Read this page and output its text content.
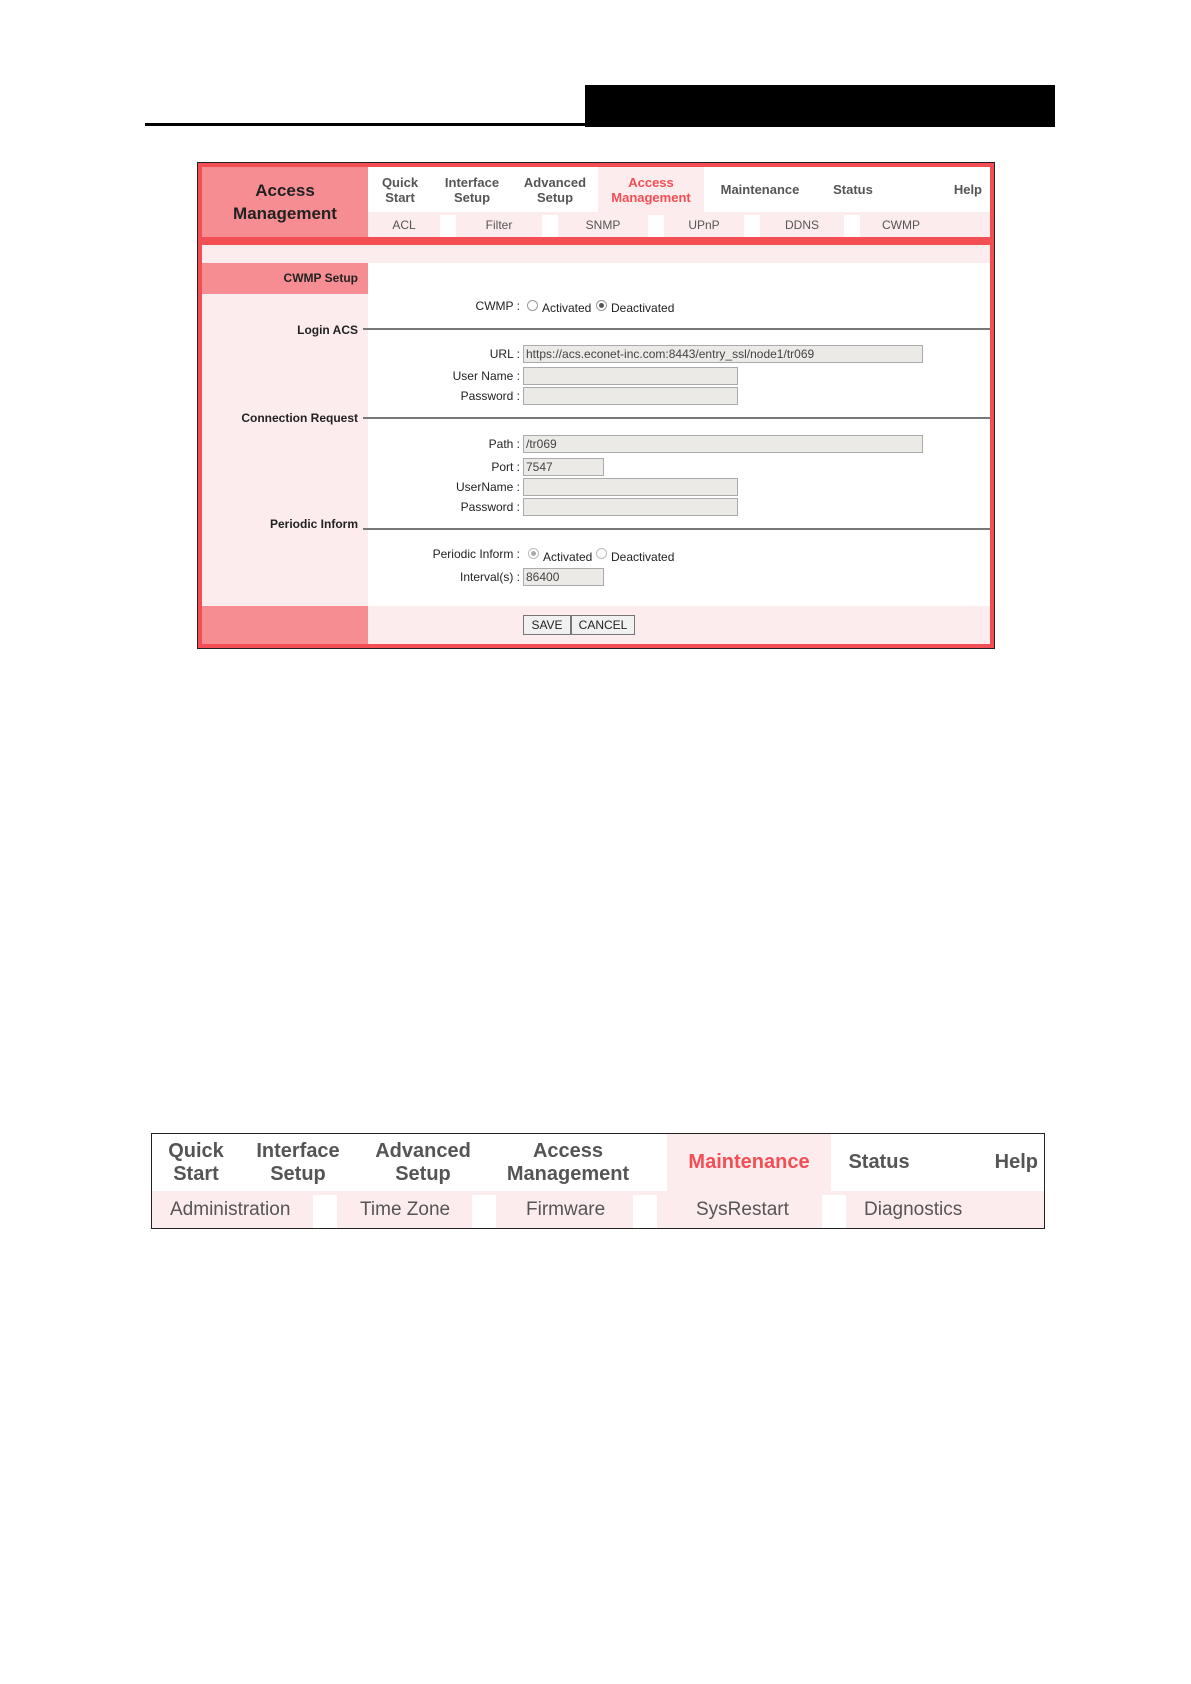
Access Management
Quick Start
Interface Setup
Advanced Setup
Access Management	Maintenance	Status	Help
ACL	Filter	SNMP	UPnP	DDNS	CWMP
CWMP Setup
Login ACS
Connection Request
Periodic Inform
CWMP : Activated Deactivated
URL : https://acs.econet-inc.com:8443/entry_ssl/node1/tr069
User Name :
Password :
Path : /tr069
Port : 7547
UserName :
Password :
Periodic Inform : Activated Deactivated
Interval(s) : 86400
SAVE	CANCEL
Quick Start
Interface Setup
Advanced Setup
Access Management
Maintenance	Status	Help
Administration	Time Zone	Firmware	SysRestart	Diagnostics
